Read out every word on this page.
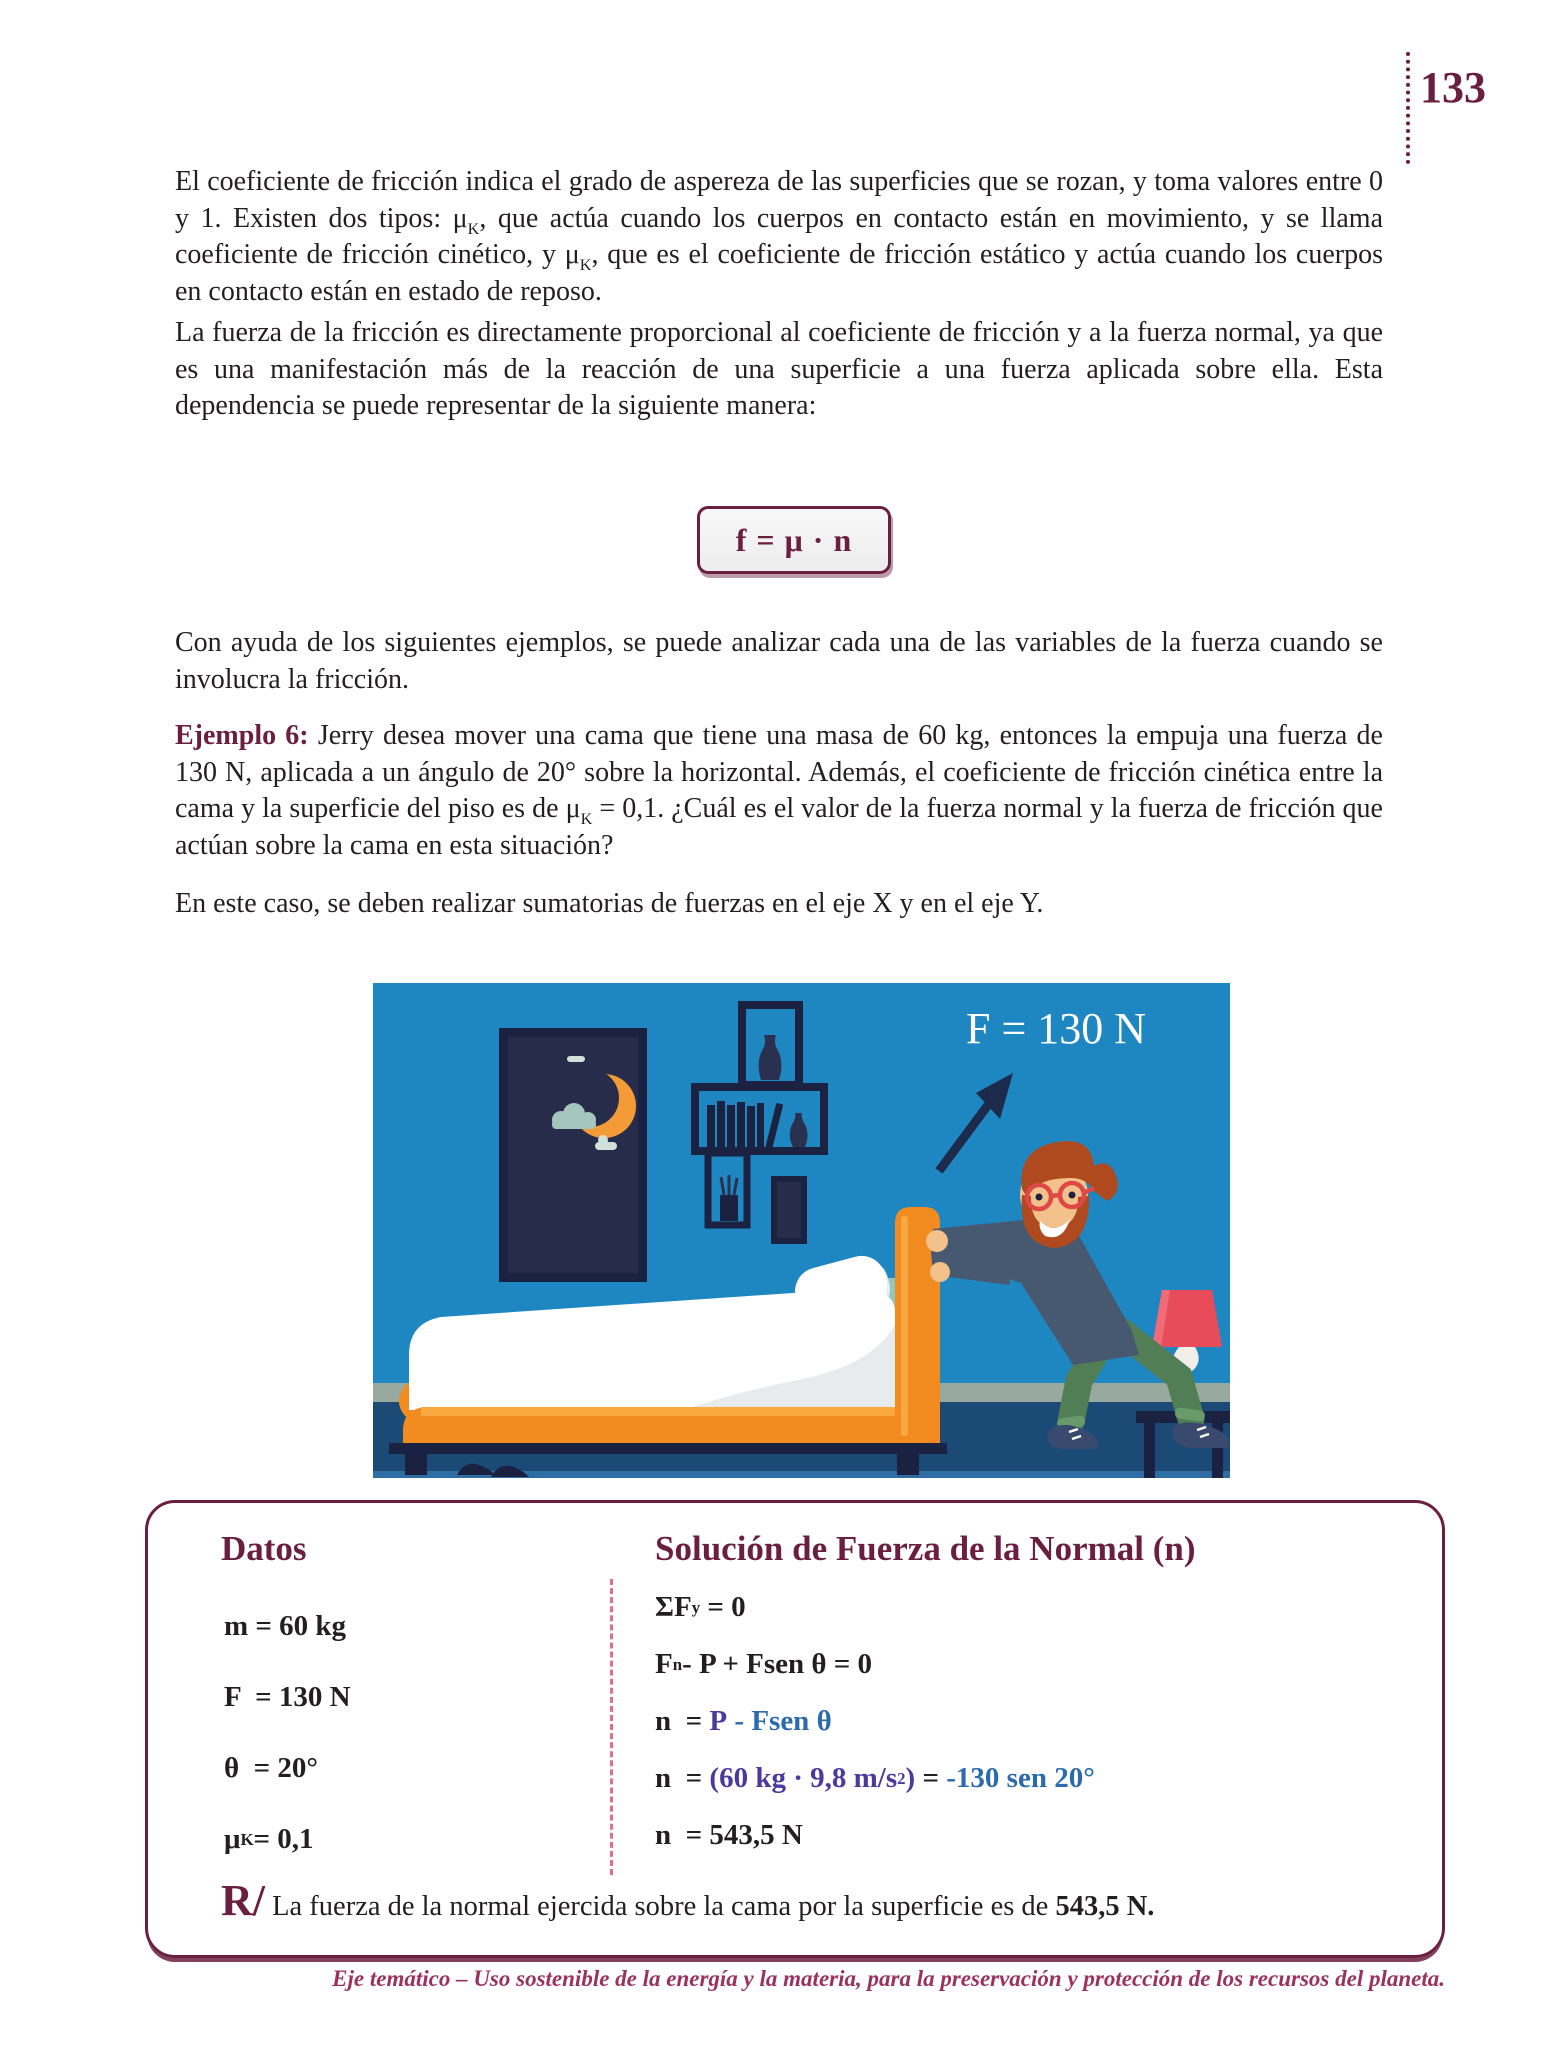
133

El coeficiente de fricción indica el grado de aspereza de las superficies que se rozan, y toma valores entre 0 y 1. Existen dos tipos: $\mu_K$, que actúa cuando los cuerpos en contacto están en movimiento, y se llama coeficiente de fricción cinético, y $\mu_K$, que es el coeficiente de fricción estático y actúa cuando los cuerpos en contacto están en estado de reposo.

La fuerza de la fricción es directamente proporcional al coeficiente de fricción y a la fuerza normal, ya que es una manifestación más de la reacción de una superficie a una fuerza aplicada sobre ella. Esta dependencia se puede representar de la siguiente manera:

f = μ · n

Con ayuda de los siguientes ejemplos, se puede analizar cada una de las variables de la fuerza cuando se involucra la fricción.

Ejemplo 6: Jerry desea mover una cama que tiene una masa de 60 kg, entonces la empuja una fuerza de 130 N, aplicada a un ángulo de 20° sobre la horizontal. Además, el coeficiente de fricción cinética entre la cama y la superficie del piso es de $\mu_K = 0,1$. ¿Cuál es el valor de la fuerza normal y la fuerza de fricción que actúan sobre la cama en esta situación?

En este caso, se deben realizar sumatorias de fuerzas en el eje X y en el eje Y.

F = 130 N
Datos	Solución de Fuerza de la Normal (n)
m = 60 kg
F  = 130 N
θ  = 20°
μ K = 0,1
ΣF y = 0
F n - P + Fsen θ = 0
n = P - Fsen θ
n = (60 kg · 9,8 m/s 2 ) = -130 sen 20°
n = 543,5 N
R/ La fuerza de la normal ejercida sobre la cama por la superficie es de 543,5 N.
Eje temático – Uso sostenible de la energía y la materia, para la preservación y protección de los recursos del planeta.
